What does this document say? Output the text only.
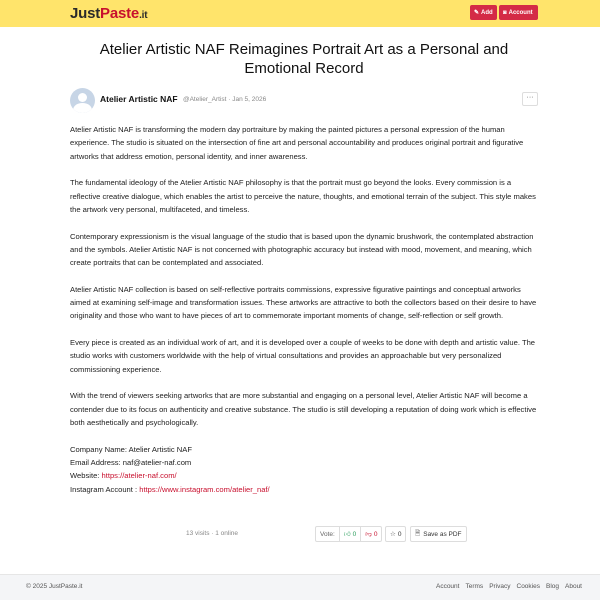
JustPaste.it	✎ Add ◙ Account
Atelier Artistic NAF Reimagines Portrait Art as a Personal and Emotional Record
Atelier Artistic NAF @Atelier_Artist · Jan 5, 2026	···

Atelier Artistic NAF is transforming the modern day portraiture by making the painted pictures a personal expression of the human experience. The studio is situated on the intersection of fine art and personal accountability and produces original portrait and figurative artworks that address emotion, personal identity, and inner awareness.

The fundamental ideology of the Atelier Artistic NAF philosophy is that the portrait must go beyond the looks. Every commission is a reflective creative dialogue, which enables the artist to perceive the nature, thoughts, and emotional terrain of the subject. This style makes the artwork very personal, multifaceted, and timeless.

Contemporary expressionism is the visual language of the studio that is based upon the dynamic brushwork, the contemplated abstraction and the symbols. Atelier Artistic NAF is not concerned with photographic accuracy but instead with mood, movement, and meaning, which create portraits that can be contemplated and associated.

Atelier Artistic NAF collection is based on self-reflective portraits commissions, expressive figurative paintings and conceptual artworks aimed at examining self-image and transformation issues. These artworks are attractive to both the collectors based on their desire to have originality and those who want to have pieces of art to commemorate important moments of change, self-reflection or self growth.

Every piece is created as an individual work of art, and it is developed over a couple of weeks to be done with depth and artistic value. The studio works with customers worldwide with the help of virtual consultations and provides an approachable but very personalized commissioning experience.

With the trend of viewers seeking artworks that are more substantial and engaging on a personal level, Atelier Artistic NAF will become a contender due to its focus on authenticity and creative substance. The studio is still developing a reputation of doing work which is effective both aesthetically and psychologically.

Company Name: Atelier Artistic NAF

Email Address: naf@atelier-naf.com

Website: https://atelier-naf.com/

Instagram Account : https://www.instagram.com/atelier_naf/

13 visits · 1 online	Vote: 👍︎ 0 👎︎ 0 ☆ 0 🗎 Save as PDF
© 2025 JustPaste.it	Account Terms Privacy Cookies Blog About
